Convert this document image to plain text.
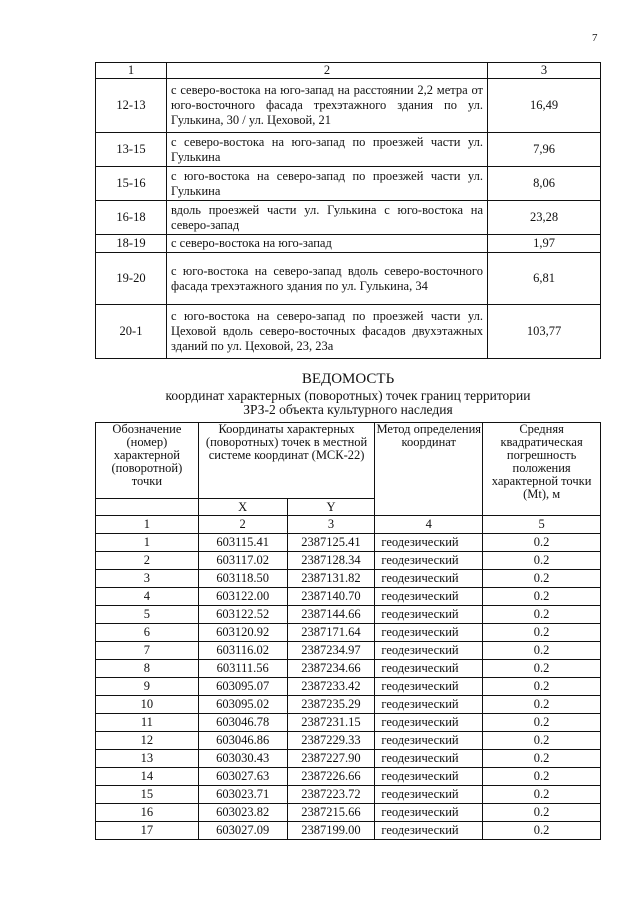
7
1	2	3
12-13	с северо-востока на юго-запад на расстоянии 2,2 метра от юго-восточного фасада трехэтажного здания по ул. Гулькина, 30 / ул. Цеховой, 21	16,49
13-15	с северо-востока на юго-запад по проезжей части ул. Гулькина	7,96
15-16	с юго-востока на северо-запад по проезжей части ул. Гулькина	8,06
16-18	вдоль проезжей части ул. Гулькина с юго-востока на северо-запад	23,28
18-19	с северо-востока на юго-запад	1,97
19-20	с юго-востока на северо-запад вдоль северо-восточного фасада трехэтажного здания по ул. Гулькина, 34	6,81
20-1	с юго-востока на северо-запад по проезжей части ул. Цеховой вдоль северо-восточных фасадов двухэтажных зданий по ул. Цеховой, 23, 23а	103,77
ВЕДОМОСТЬ
координат характерных (поворотных) точек границ территории
ЗРЗ-2 объекта культурного наследия
Обозначение (номер) характерной (поворотной) точки	Координаты характерных (поворотных) точек в местной системе координат (МСК-22)		Метод определения координат	Средняя квадратическая погрешность положения характерной точки (Mt), м

	X	Y		
1	2	3	4	5
1	603115.41	2387125.41	геодезический	0.2
2	603117.02	2387128.34	геодезический	0.2
3	603118.50	2387131.82	геодезический	0.2
4	603122.00	2387140.70	геодезический	0.2
5	603122.52	2387144.66	геодезический	0.2
6	603120.92	2387171.64	геодезический	0.2
7	603116.02	2387234.97	геодезический	0.2
8	603111.56	2387234.66	геодезический	0.2
9	603095.07	2387233.42	геодезический	0.2
10	603095.02	2387235.29	геодезический	0.2
11	603046.78	2387231.15	геодезический	0.2
12	603046.86	2387229.33	геодезический	0.2
13	603030.43	2387227.90	геодезический	0.2
14	603027.63	2387226.66	геодезический	0.2
15	603023.71	2387223.72	геодезический	0.2
16	603023.82	2387215.66	геодезический	0.2
17	603027.09	2387199.00	геодезический	0.2
